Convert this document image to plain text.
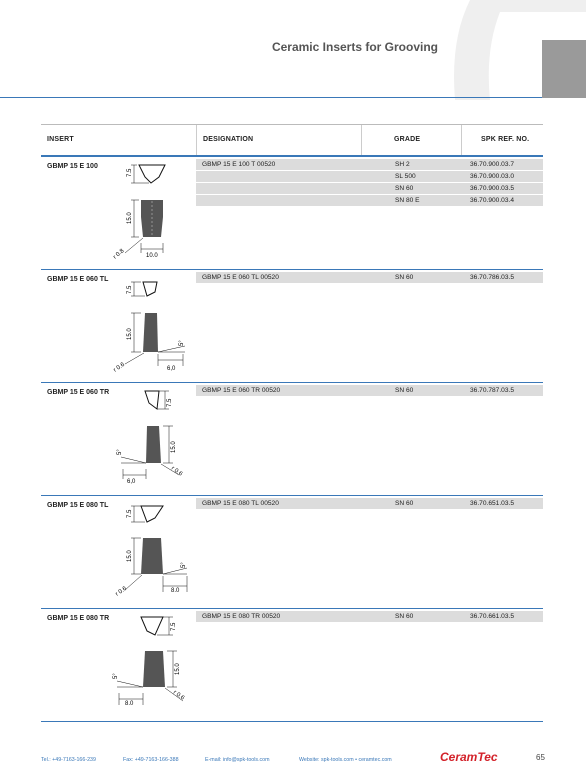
Ceramic Inserts for Grooving
INSERT	DESIGNATION	GRADE	SPK REF. NO.
GBMP 15 E 100	GBMP 15 E 100 T 00520	SH 2	36.70.900.03.7
SL 500	36.70.900.03.0
SN 60	36.70.900.03.5
SN 80 E	36.70.900.03.4
7.5
15.0
10.0
r 0.8
GBMP 15 E 060 TL	GBMP 15 E 060 TL 00520	SN 60	36.70.786.03.5
7.5
15.0
6,0
r 0.6
5°
GBMP 15 E 060 TR	GBMP 15 E 060 TR 00520	SN 60	36.70.787.03.5
7.5
15.0
6,0
r 0.6
5°
GBMP 15 E 080 TL	GBMP 15 E 080 TL 00520	SN 60	36.70.651.03.5
7.5
15.0
8.0
r 0.6
5°
GBMP 15 E 080 TR	GBMP 15 E 080 TR 00520	SN 60	36.70.661.03.5
7.5
15.0
8.0
r 0.6
5°
Tel.: +49-7163-166-239	Fax: +49-7163-166-388	E-mail: info@spk-tools.com	Website: spk-tools.com • ceramtec.com	CeramTec	65
